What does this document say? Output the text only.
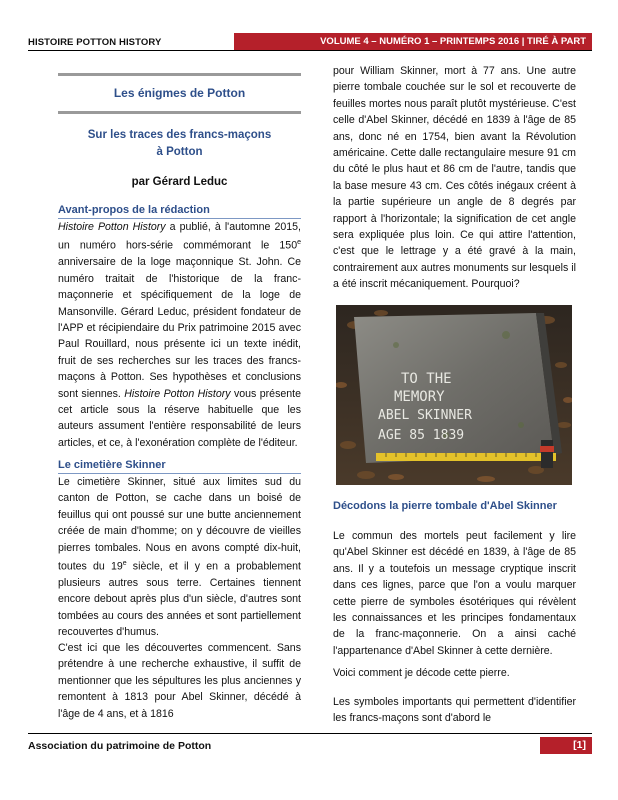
HISTOIRE POTTON HISTORY	VOLUME 4 – NUMÉRO 1 – PRINTEMPS 2016 | TIRÉ À PART
Les énigmes de Potton
Sur les traces des francs-maçons
à Potton
par Gérard Leduc
Avant-propos de la rédaction
Histoire Potton History a publié, à l'automne 2015, un numéro hors-série commémorant le 150e anniversaire de la loge maçonnique St. John. Ce numéro traitait de l'historique de la franc-maçonnerie et spécifiquement de la loge de Mansonville. Gérard Leduc, président fondateur de l'APP et récipiendaire du Prix patrimoine 2015 avec Paul Rouillard, nous présente ici un texte inédit, fruit de ses recherches sur les traces des francs-maçons à Potton. Ses hypothèses et conclusions sont siennes. Histoire Potton History vous présente cet article sous la réserve habituelle que les auteurs assument l'entière responsabilité de leurs articles, et ce, à l'exonération complète de l'éditeur.
Le cimetière Skinner
Le cimetière Skinner, situé aux limites sud du canton de Potton, se cache dans un boisé de feuillus qui ont poussé sur une butte anciennement créée de main d'homme; on y découvre de vieilles pierres tombales. Nous en avons compté dix-huit, toutes du 19e siècle, et il y en a probablement plusieurs autres sous terre. Certaines tiennent encore debout après plus d'un siècle, d'autres sont tombées au cours des années et sont partiellement recouvertes d'humus.
C'est ici que les découvertes commencent. Sans prétendre à une recherche exhaustive, il suffit de mentionner que les sépultures les plus anciennes y remontent à 1813 pour Abel Skinner, décédé à l'âge de 4 ans, et à 1816
pour William Skinner, mort à 77 ans. Une autre pierre tombale couchée sur le sol et recouverte de feuilles mortes nous paraît plutôt mystérieuse. C'est celle d'Abel Skinner, décédé en 1839 à l'âge de 85 ans, donc né en 1754, bien avant la Révolution américaine. Cette dalle rectangulaire mesure 91 cm du côté le plus haut et 86 cm de l'autre, tandis que la base mesure 43 cm. Ces côtés inégaux créent à la partie supérieure un angle de 8 degrés par rapport à l'horizontale; la signification de cet angle sera expliquée plus loin. Ce qui attire l'attention, c'est que le lettrage y a été gravé à la main, contrairement aux autres monuments sur lesquels il a été inscrit mécaniquement. Pourquoi?
TO THE
MEMORY
ABEL SKINNER
AGE 85 1839
Décodons la pierre tombale d'Abel Skinner
Le commun des mortels peut facilement y lire qu'Abel Skinner est décédé en 1839, à l'âge de 85 ans. Il y a toutefois un message cryptique inscrit dans ces lignes, parce que l'on a voulu marquer cette pierre de symboles ésotériques qui révèlent les connaissances et les principes fondamentaux de la franc-maçonnerie. On a ainsi caché l'appartenance d'Abel Skinner à cette dernière.
Voici comment je décode cette pierre.
Les symboles importants qui permettent d'identifier les francs-maçons sont d'abord le
Association du patrimoine de Potton	[1]
